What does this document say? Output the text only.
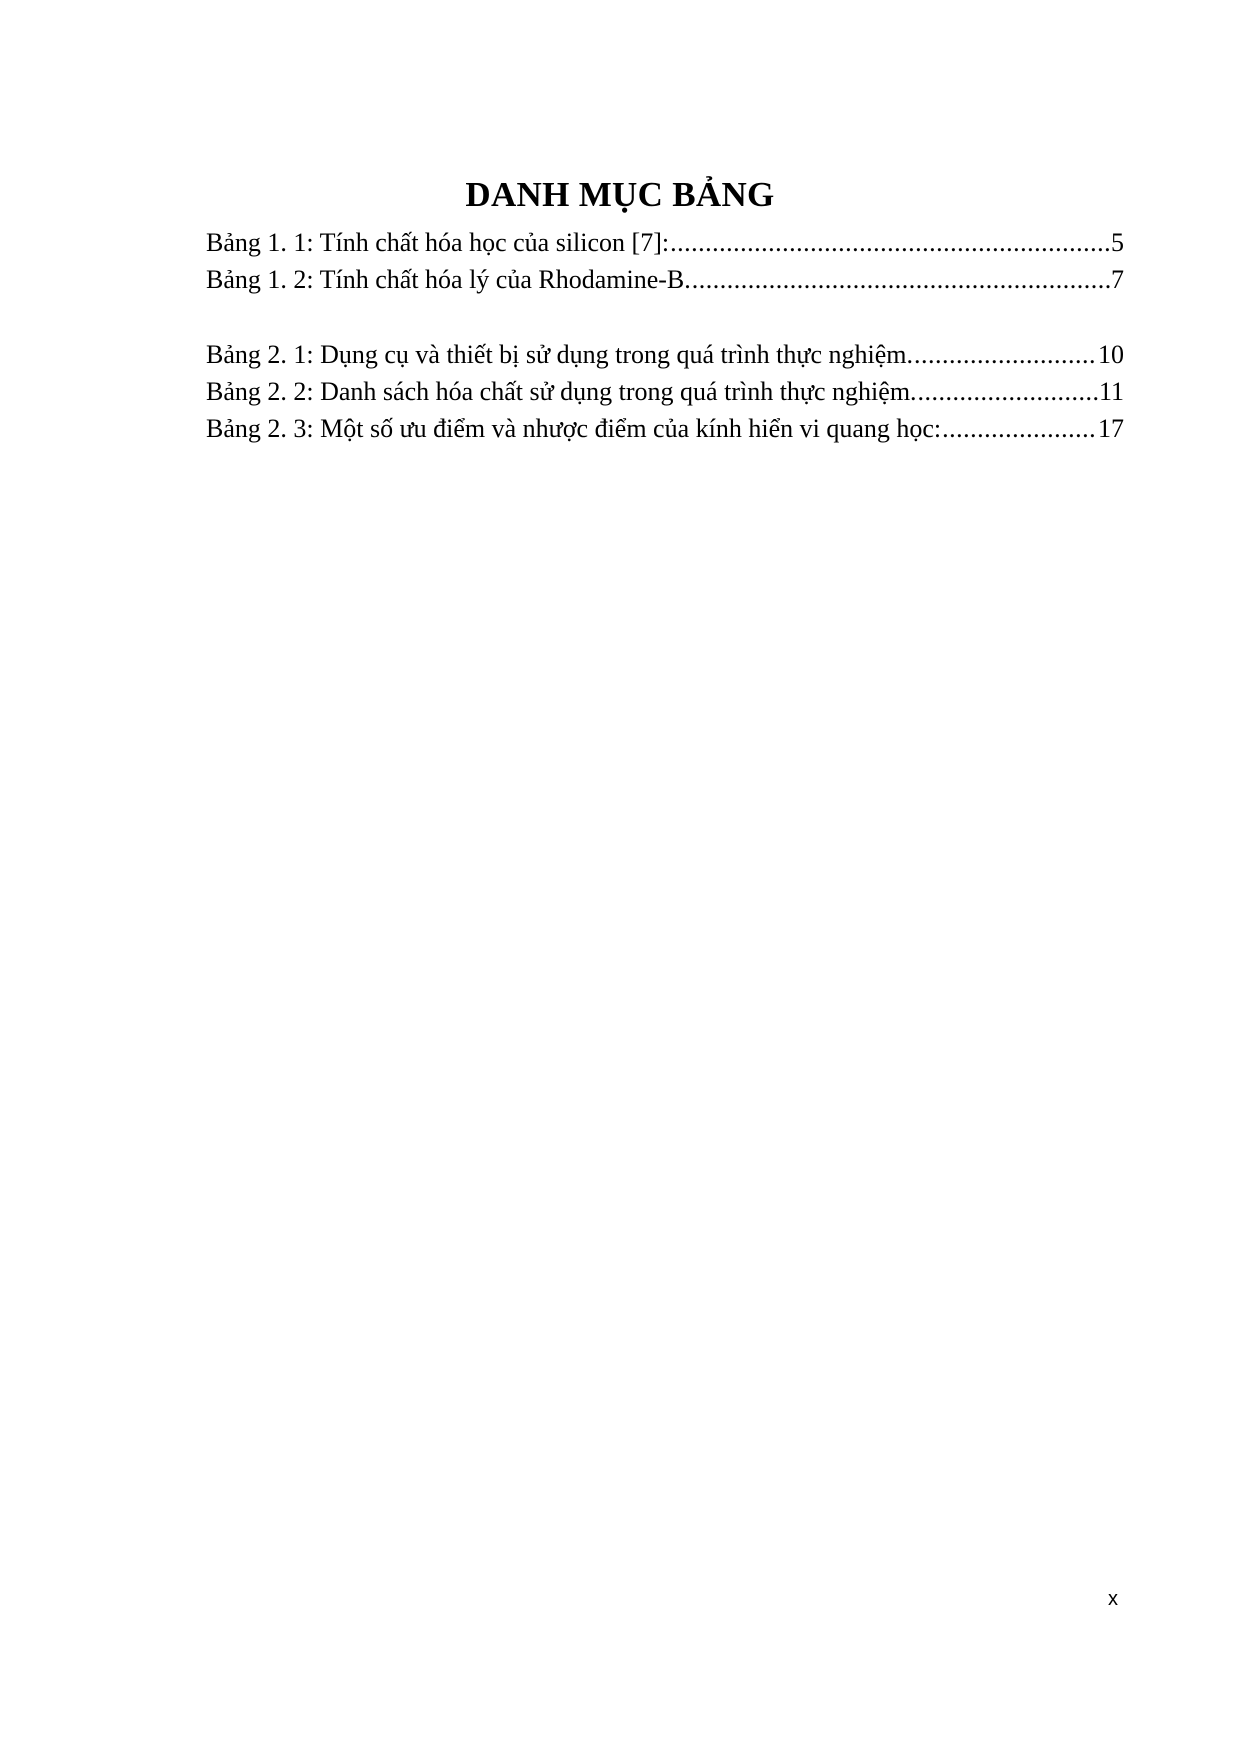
DANH MỤC BẢNG
Bảng 1. 1: Tính chất hóa học của silicon [7]: .....	5
Bảng 1. 2: Tính chất hóa lý của Rhodamine-B. .....	7
Bảng 2. 1: Dụng cụ và thiết bị sử dụng trong quá trình thực nghiệm. .....	10
Bảng 2. 2: Danh sách hóa chất sử dụng trong quá trình thực nghiệm. .....	11
Bảng 2. 3: Một số ưu điểm và nhược điểm của kính hiển vi quang học: .....	17
x
